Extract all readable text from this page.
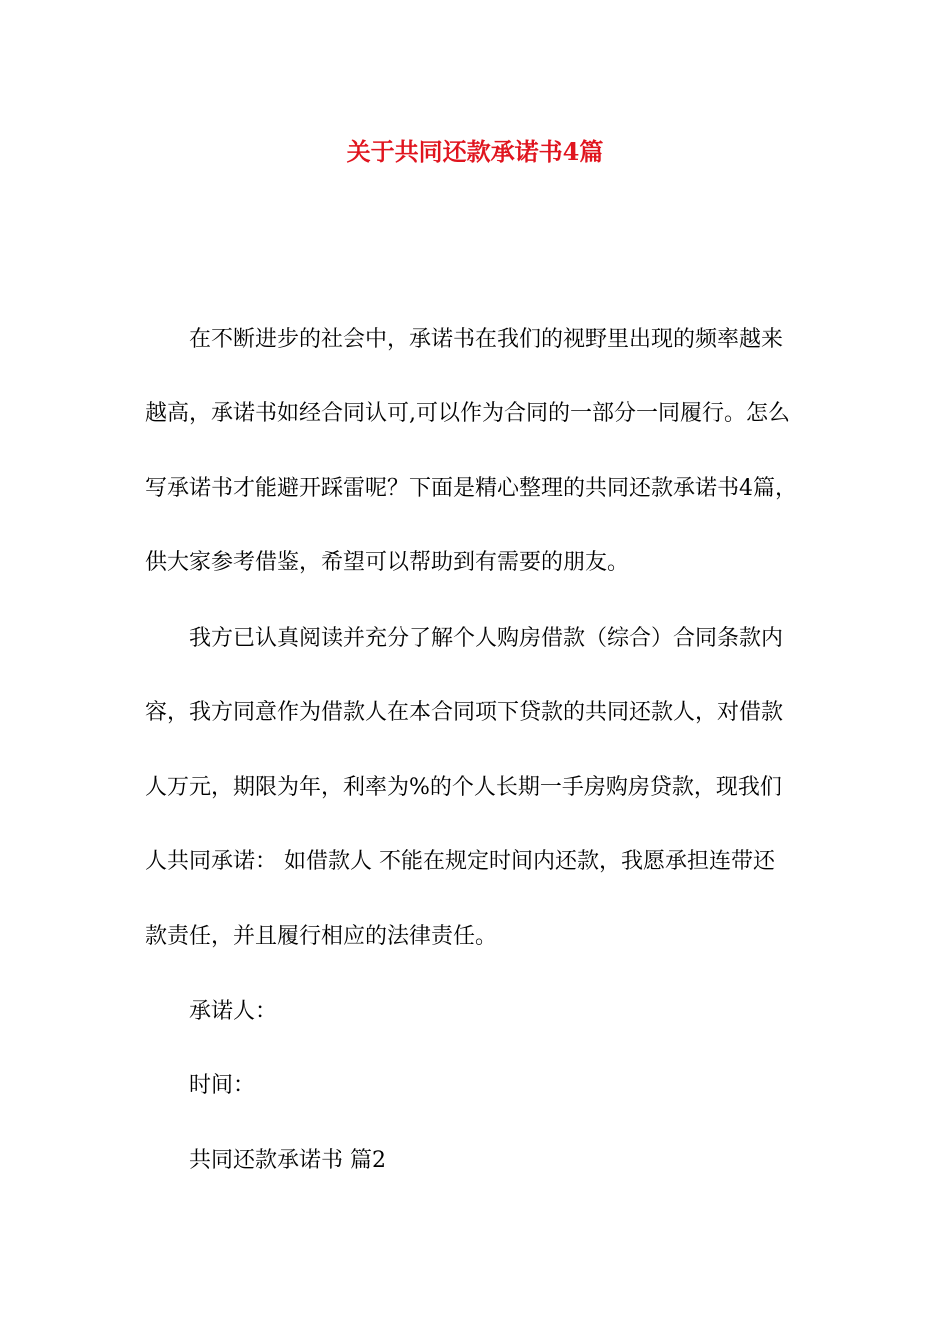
关于共同还款承诺书4篇

在不断进步的社会中，承诺书在我们的视野里出现的频率越来

越高，承诺书如经合同认可,可以作为合同的一部分一同履行。怎么

写承诺书才能避开踩雷呢？下面是精心整理的共同还款承诺书4篇，

供大家参考借鉴，希望可以帮助到有需要的朋友。

我方已认真阅读并充分了解个人购房借款（综合）合同条款内

容，我方同意作为借款人在本合同项下贷款的共同还款人，对借款

人万元，期限为年，利率为%的个人长期一手房购房贷款，现我们

人共同承诺： 如借款人 不能在规定时间内还款，我愿承担连带还

款责任，并且履行相应的法律责任。

承诺人：

时间：

共同还款承诺书 篇2
